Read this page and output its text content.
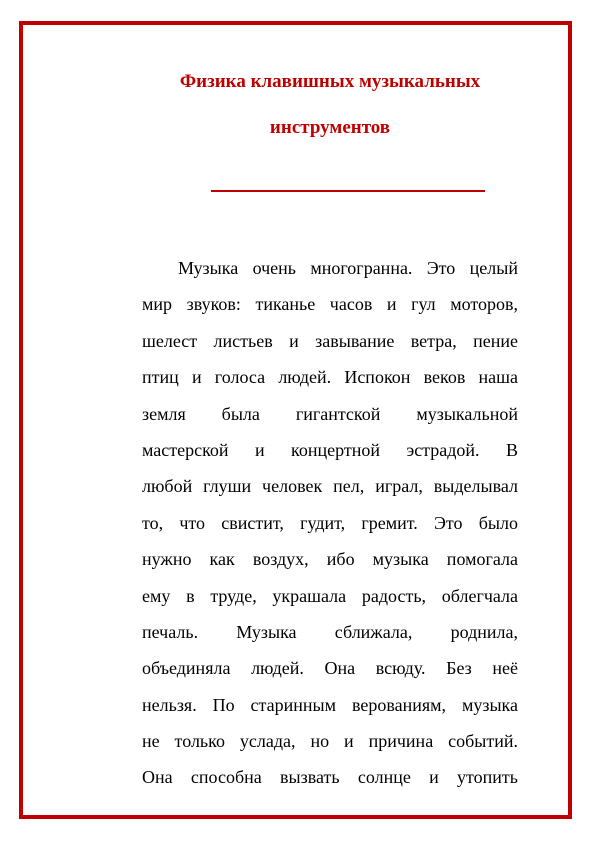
Физика клавишных музыкальных
инструментов
Музыка очень многогранна. Это целый
мир звуков: тиканье часов и гул моторов,
шелест листьев и завывание ветра, пение
птиц и голоса людей. Испокон веков наша
земля была гигантской музыкальной
мастерской и концертной эстрадой. В
любой глуши человек пел, играл, выделывал
то, что свистит, гудит, гремит. Это было
нужно как воздух, ибо музыка помогала
ему в труде, украшала радость, облегчала
печаль. Музыка сближала, роднила,
объединяла людей. Она всюду. Без неё
нельзя. По старинным верованиям, музыка
не только услада, но и причина событий.
Она способна вызвать солнце и утопить
